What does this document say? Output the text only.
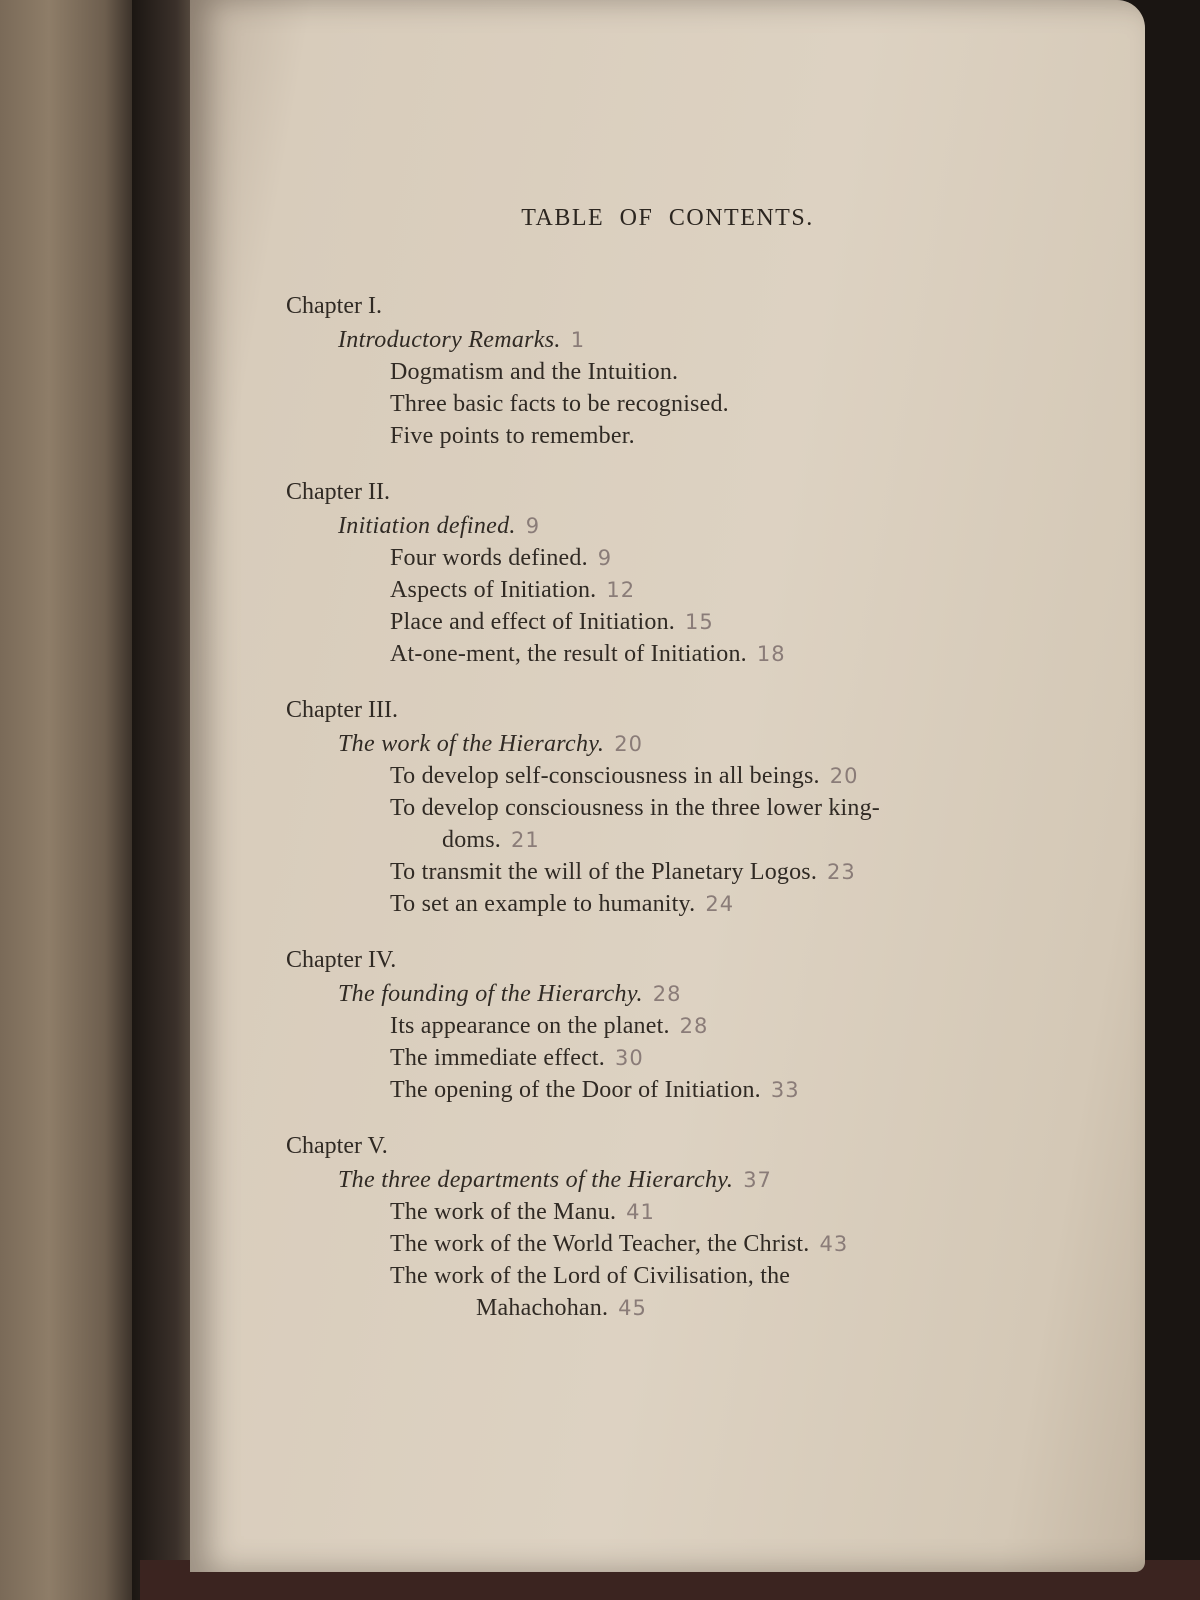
TABLE OF CONTENTS.
Chapter I.
Introductory Remarks. 1
Dogmatism and the Intuition.
Three basic facts to be recognised.
Five points to remember.
Chapter II.
Initiation defined. 9
Four words defined. 9
Aspects of Initiation. 12
Place and effect of Initiation. 15
At-one-ment, the result of Initiation. 18
Chapter III.
The work of the Hierarchy. 20
To develop self-consciousness in all beings. 20
To develop consciousness in the three lower king-
doms. 21
To transmit the will of the Planetary Logos. 23
To set an example to humanity. 24
Chapter IV.
The founding of the Hierarchy. 28
Its appearance on the planet. 28
The immediate effect. 30
The opening of the Door of Initiation. 33
Chapter V.
The three departments of the Hierarchy. 37
The work of the Manu. 41
The work of the World Teacher, the Christ. 43
The work of the Lord of Civilisation, the
Mahachohan. 45
